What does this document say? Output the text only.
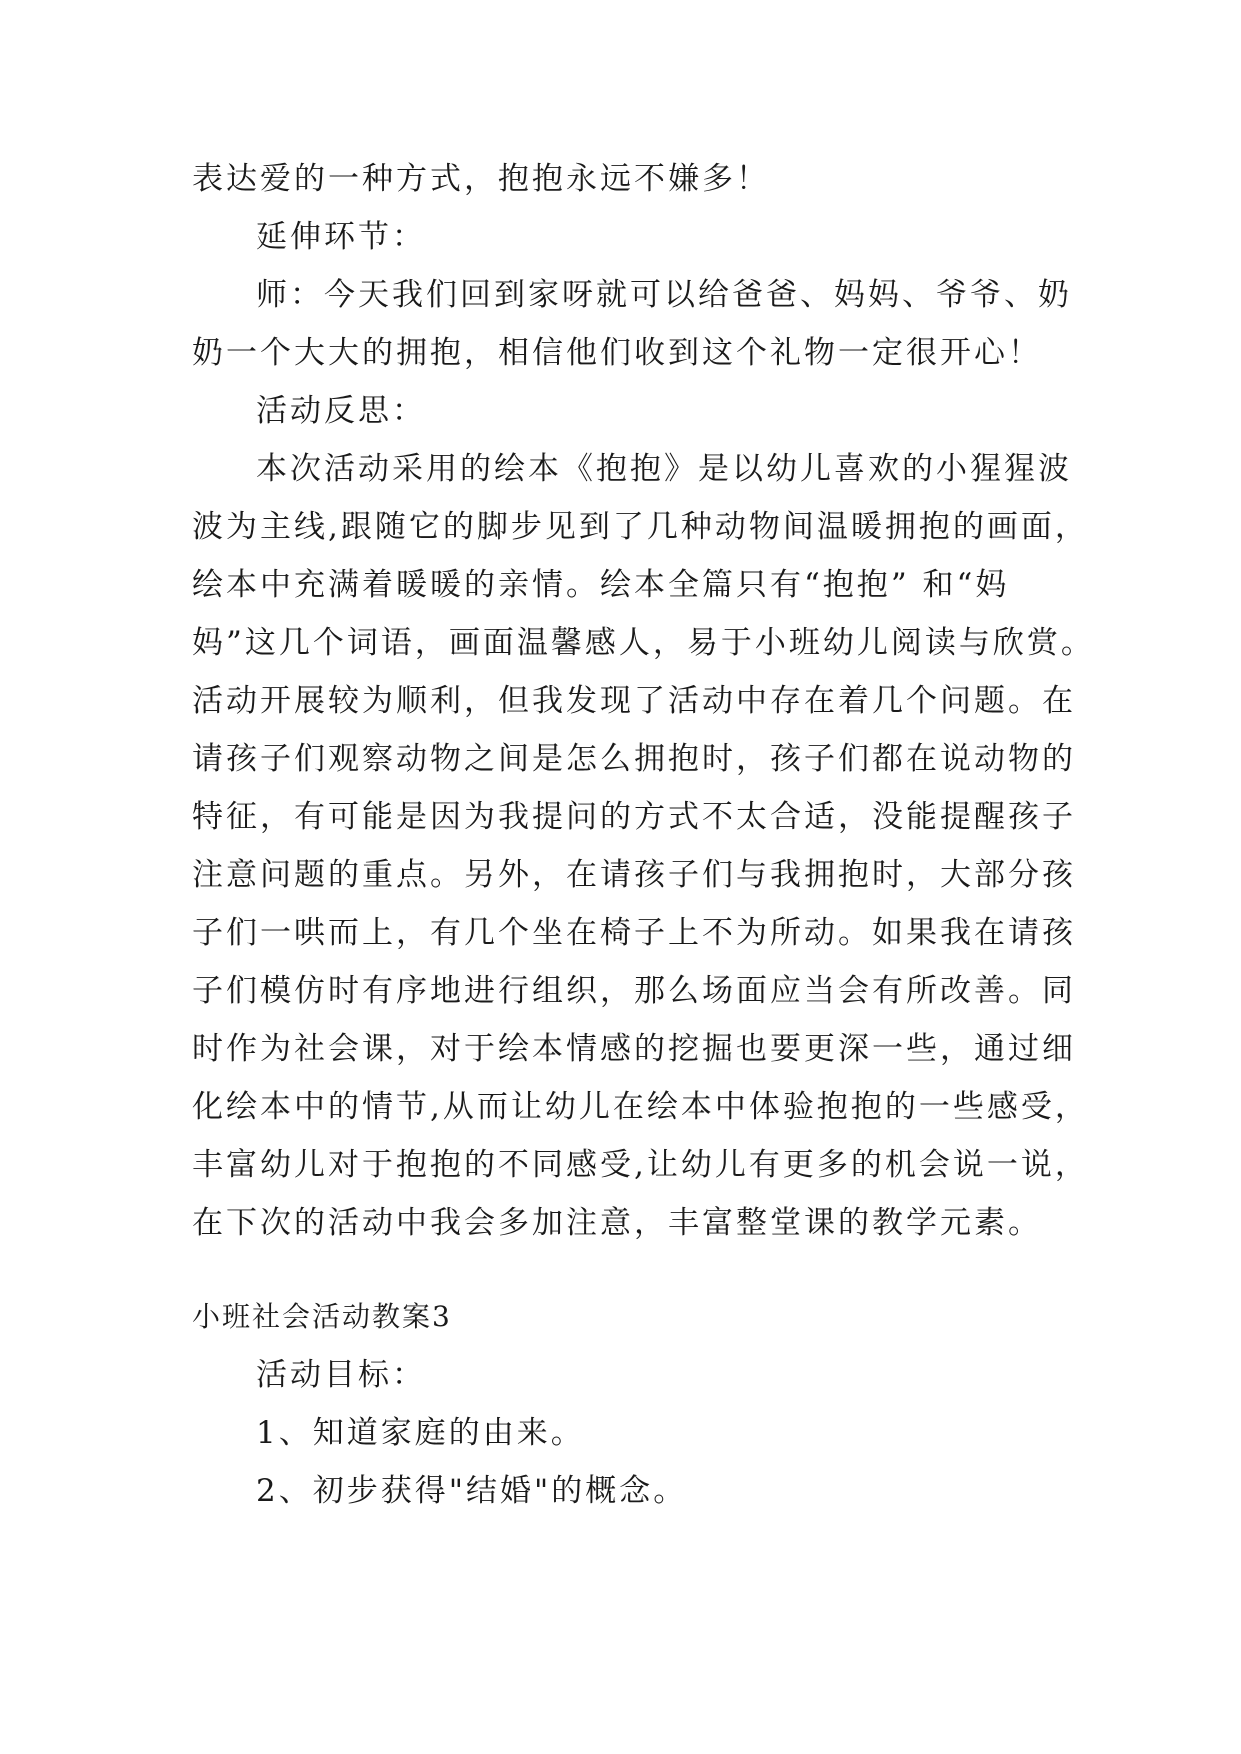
表达爱的一种方式，抱抱永远不嫌多！
延伸环节：
师：今天我们回到家呀就可以给爸爸、妈妈、爷爷、奶
奶一个大大的拥抱，相信他们收到这个礼物一定很开心！
活动反思：
本次活动采用的绘本《抱抱》是以幼儿喜欢的小猩猩波
波为主线,跟随它的脚步见到了几种动物间温暖拥抱的画面，
绘本中充满着暖暖的亲情。绘本全篇只有“抱抱” 和“妈
妈”这几个词语，画面温馨感人，易于小班幼儿阅读与欣赏。
活动开展较为顺利，但我发现了活动中存在着几个问题。在
请孩子们观察动物之间是怎么拥抱时，孩子们都在说动物的
特征，有可能是因为我提问的方式不太合适，没能提醒孩子
注意问题的重点。另外，在请孩子们与我拥抱时，大部分孩
子们一哄而上，有几个坐在椅子上不为所动。如果我在请孩
子们模仿时有序地进行组织，那么场面应当会有所改善。同
时作为社会课，对于绘本情感的挖掘也要更深一些，通过细
化绘本中的情节,从而让幼儿在绘本中体验抱抱的一些感受，
丰富幼儿对于抱抱的不同感受,让幼儿有更多的机会说一说，
在下次的活动中我会多加注意，丰富整堂课的教学元素。
小班社会活动教案3
活动目标：
1、知道家庭的由来。
2、初步获得"结婚"的概念。
